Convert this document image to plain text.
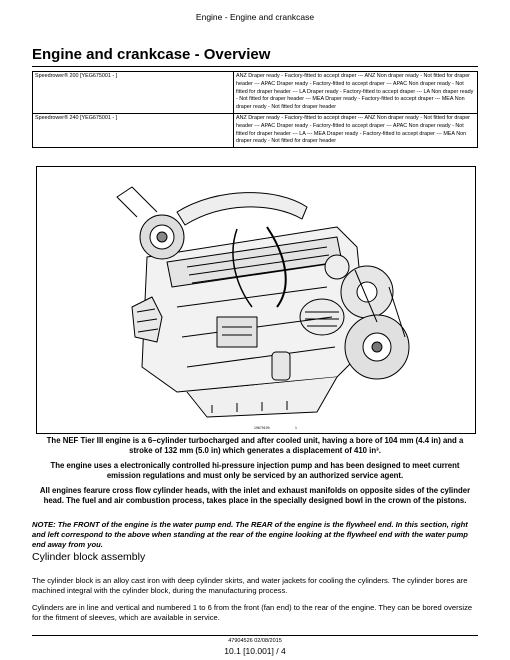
Engine - Engine and crankcase
Engine and crankcase - Overview
Speedrower® 200 [YEG675001 - ]	ANZ Draper ready - Factory-fitted to accept draper --- ANZ Non draper ready - Not fitted for draper header --- APAC Draper ready - Factory-fitted to accept draper --- APAC Non draper ready - Not fitted for draper header --- LA Draper ready - Factory-fitted to accept draper --- LA Non draper ready - Not fitted for draper header --- MEA Draper ready - Factory-fitted to accept draper --- MEA Non draper ready - Not fitted for draper header
Speedrower® 240 [YEG675001 - ]	ANZ Draper ready - Factory-fitted to accept draper --- ANZ Non draper ready - Not fitted for draper header --- APAC Draper ready - Factory-fitted to accept draper --- APAC Non draper ready - Not fitted for draper header --- LA --- MEA Draper ready - Factory-fitted to accept draper --- MEA Non draper ready - Not fitted for draper header
19679199	1

The NEF Tier III engine is a 6–cylinder turbocharged and after cooled unit, having a bore of 104 mm (4.4 in) and a stroke of 132 mm (5.0 in) which generates a displacement of 410 in³.

The engine uses a electronically controlled hi-pressure injection pump and has been designed to meet current emission regulations and must only be serviced by an authorized service agent.

All engines fearure cross flow cylinder heads, with the inlet and exhaust manifolds on opposite sides of the cylinder head. The fuel and air combustion process, takes place in the specially designed bowl in the crown of the pistons.

NOTE: The FRONT of the engine is the water pump end. The REAR of the engine is the flywheel end. In this section, right and left correspond to the above when standing at the rear of the engine looking at the flywheel end with the water pump end away from you.

Cylinder block assembly

The cylinder block is an alloy cast iron with deep cylinder skirts, and water jackets for cooling the cylinders. The cylinder bores are machined integral with the cylinder block, during the manufacturing process.

Cylinders are in line and vertical and numbered 1 to 6 from the front (fan end) to the rear of the engine. They can be bored oversize for the fitment of sleeves, which are available in service.

47904526 02/08/2015
10.1 [10.001] / 4
